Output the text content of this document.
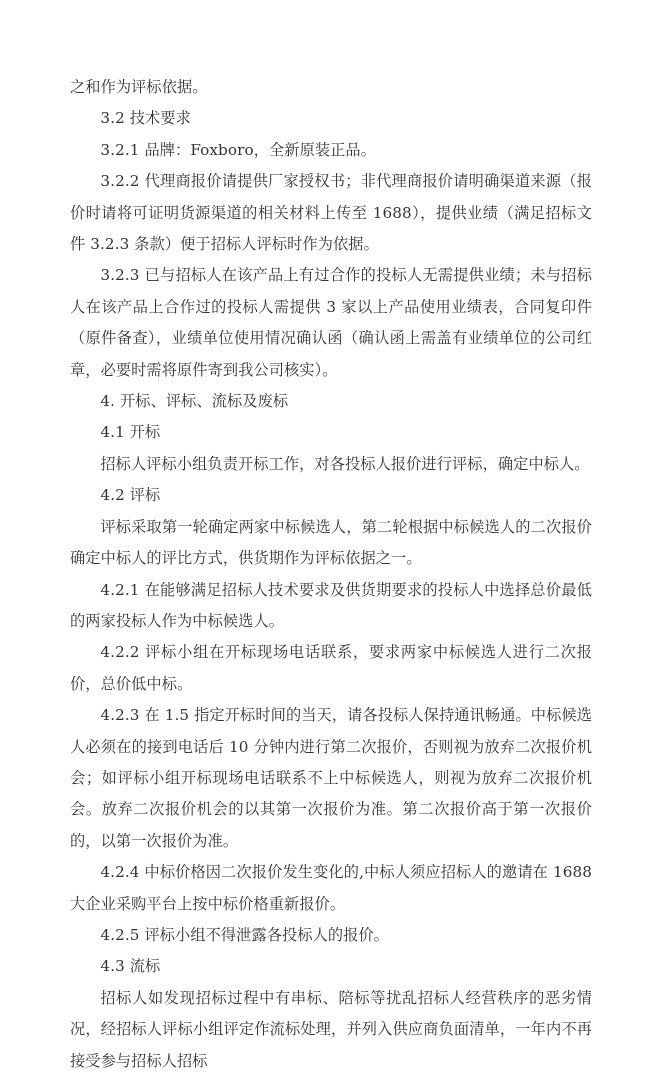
之和作为评标依据。

3.2 技术要求

3.2.1 品牌：Foxboro，全新原装正品。

3.2.2 代理商报价请提供厂家授权书；非代理商报价请明确渠道来源（报价时请将可证明货源渠道的相关材料上传至 1688），提供业绩（满足招标文件 3.2.3 条款）便于招标人评标时作为依据。

3.2.3 已与招标人在该产品上有过合作的投标人无需提供业绩；未与招标人在该产品上合作过的投标人需提供 3 家以上产品使用业绩表，合同复印件（原件备查），业绩单位使用情况确认函（确认函上需盖有业绩单位的公司红章，必要时需将原件寄到我公司核实）。

4. 开标、评标、流标及废标

4.1 开标

招标人评标小组负责开标工作，对各投标人报价进行评标，确定中标人。

4.2 评标

评标采取第一轮确定两家中标候选人，第二轮根据中标候选人的二次报价确定中标人的评比方式，供货期作为评标依据之一。

4.2.1 在能够满足招标人技术要求及供货期要求的投标人中选择总价最低的两家投标人作为中标候选人。

4.2.2 评标小组在开标现场电话联系，要求两家中标候选人进行二次报价，总价低中标。

4.2.3 在 1.5 指定开标时间的当天，请各投标人保持通讯畅通。中标候选人必须在的接到电话后 10 分钟内进行第二次报价，否则视为放弃二次报价机会；如评标小组开标现场电话联系不上中标候选人，则视为放弃二次报价机会。放弃二次报价机会的以其第一次报价为准。第二次报价高于第一次报价的，以第一次报价为准。

4.2.4 中标价格因二次报价发生变化的,中标人须应招标人的邀请在 1688 大企业采购平台上按中标价格重新报价。

4.2.5 评标小组不得泄露各投标人的报价。

4.3 流标

招标人如发现招标过程中有串标、陪标等扰乱招标人经营秩序的恶劣情况，经招标人评标小组评定作流标处理，并列入供应商负面清单，一年内不再接受参与招标人招标
